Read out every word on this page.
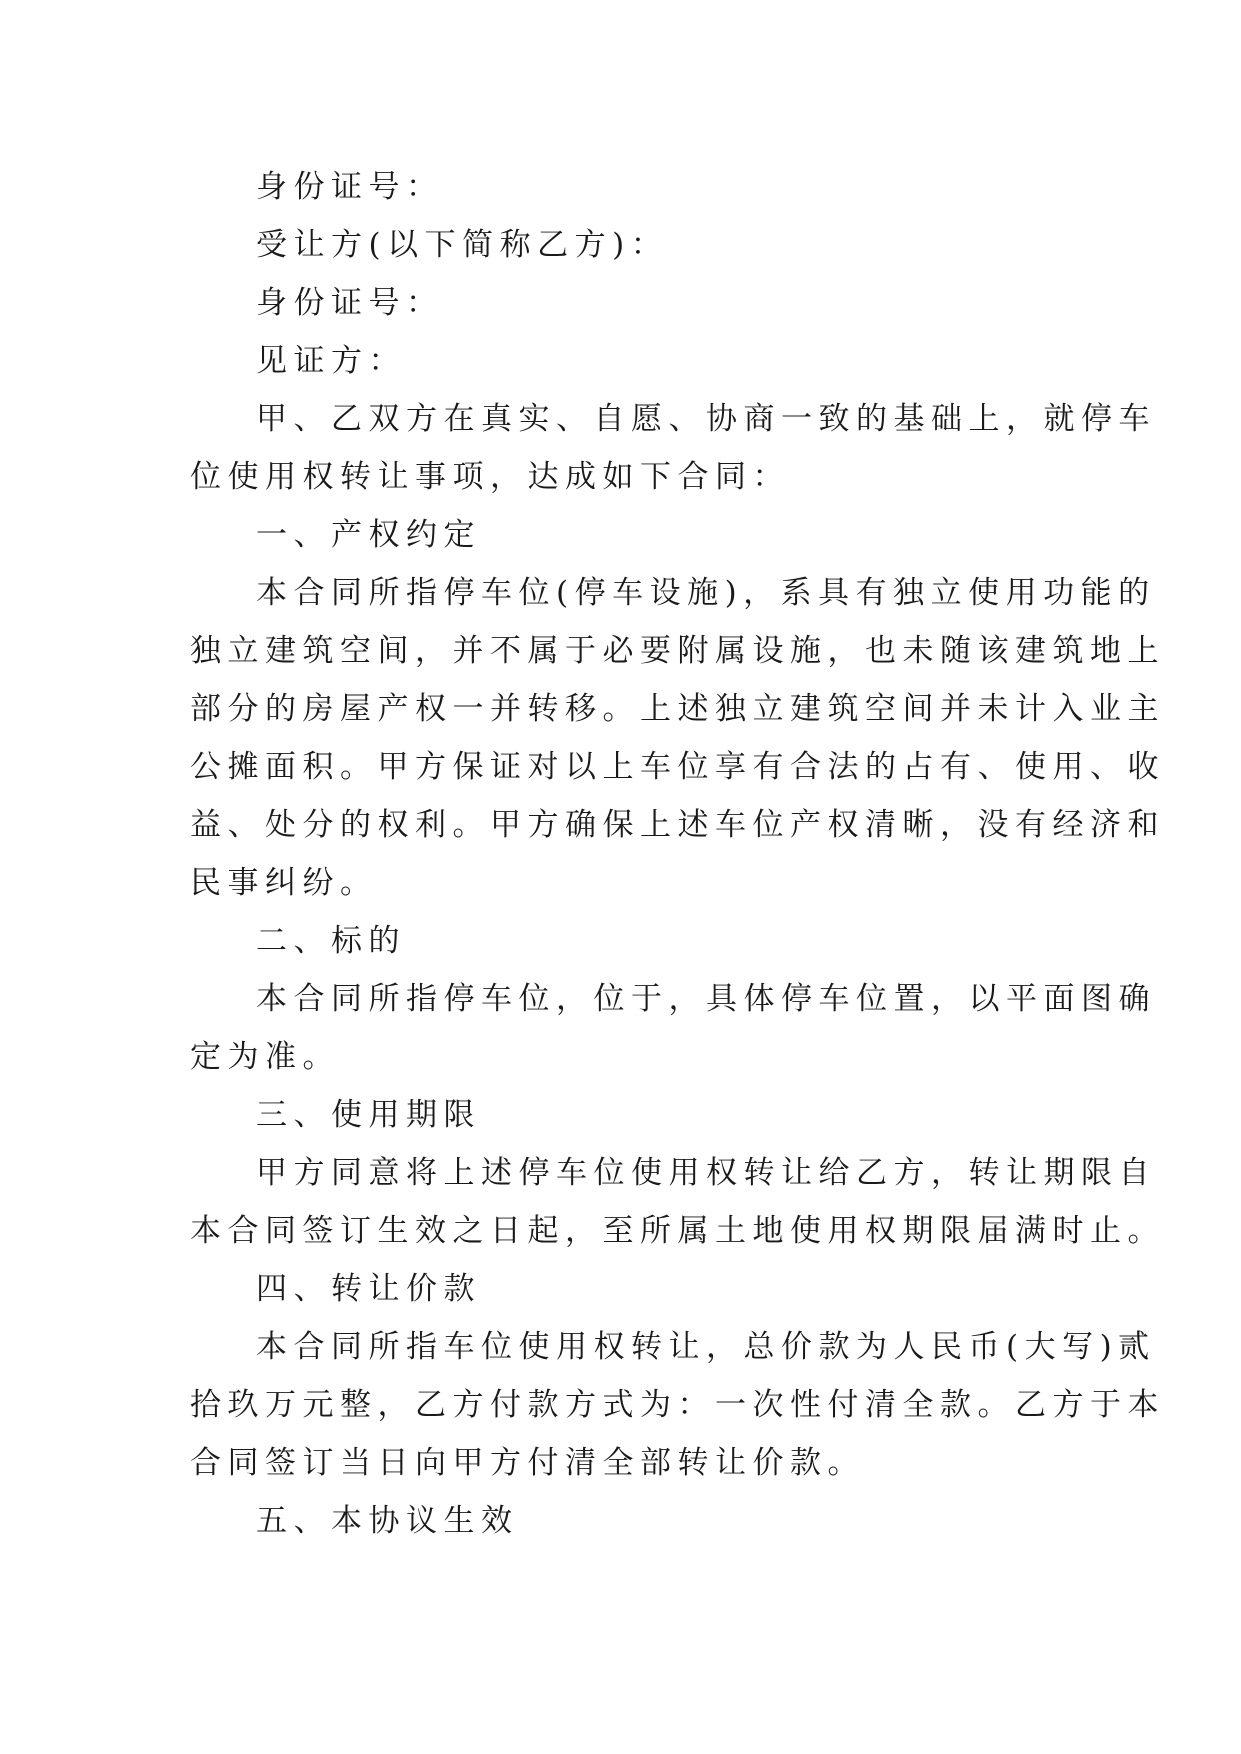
身份证号：
受让方(以下简称乙方)：
身份证号：
见证方：
甲、乙双方在真实、自愿、协商一致的基础上，就停车
位使用权转让事项，达成如下合同：
一、产权约定
本合同所指停车位(停车设施)，系具有独立使用功能的
独立建筑空间，并不属于必要附属设施，也未随该建筑地上
部分的房屋产权一并转移。上述独立建筑空间并未计入业主
公摊面积。甲方保证对以上车位享有合法的占有、使用、收
益、处分的权利。甲方确保上述车位产权清晰，没有经济和
民事纠纷。
二、标的
本合同所指停车位，位于，具体停车位置，以平面图确
定为准。
三、使用期限
甲方同意将上述停车位使用权转让给乙方，转让期限自
本合同签订生效之日起，至所属土地使用权期限届满时止。
四、转让价款
本合同所指车位使用权转让，总价款为人民币(大写)贰
拾玖万元整，乙方付款方式为：一次性付清全款。乙方于本
合同签订当日向甲方付清全部转让价款。
五、本协议生效
